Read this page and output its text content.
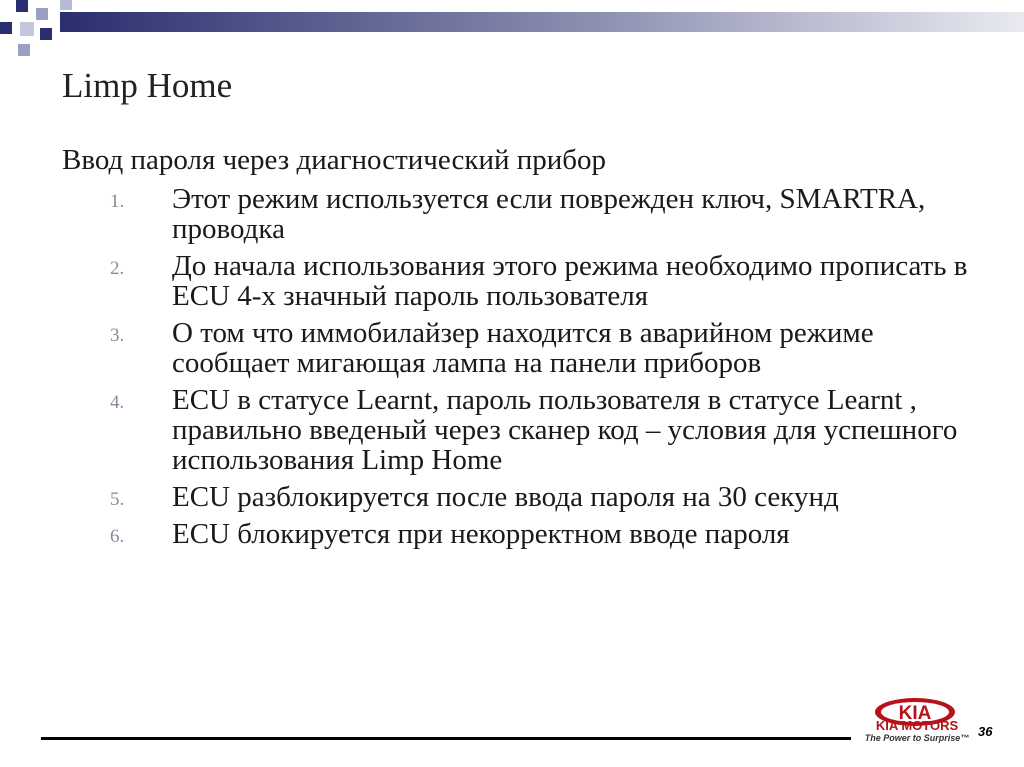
Limp Home
Ввод пароля через диагностический прибор
1.	Этот режим используется если поврежден ключ, SMARTRA, проводка
2.	До начала использования этого режима необходимо прописать в ECU 4-х значный пароль пользователя
3.	О том что иммобилайзер находится в аварийном режиме сообщает мигающая лампа на панели приборов
4.	ECU в статусе Learnt, пароль пользователя в статусе Learnt , правильно введеный через сканер код – условия для успешного использования Limp Home
5.	ECU разблокируется после ввода пароля на 30 секунд
6.	ECU блокируется при некорректном вводе пароля
KIA
KIA MOTORS
The Power to Surprise™ 36
